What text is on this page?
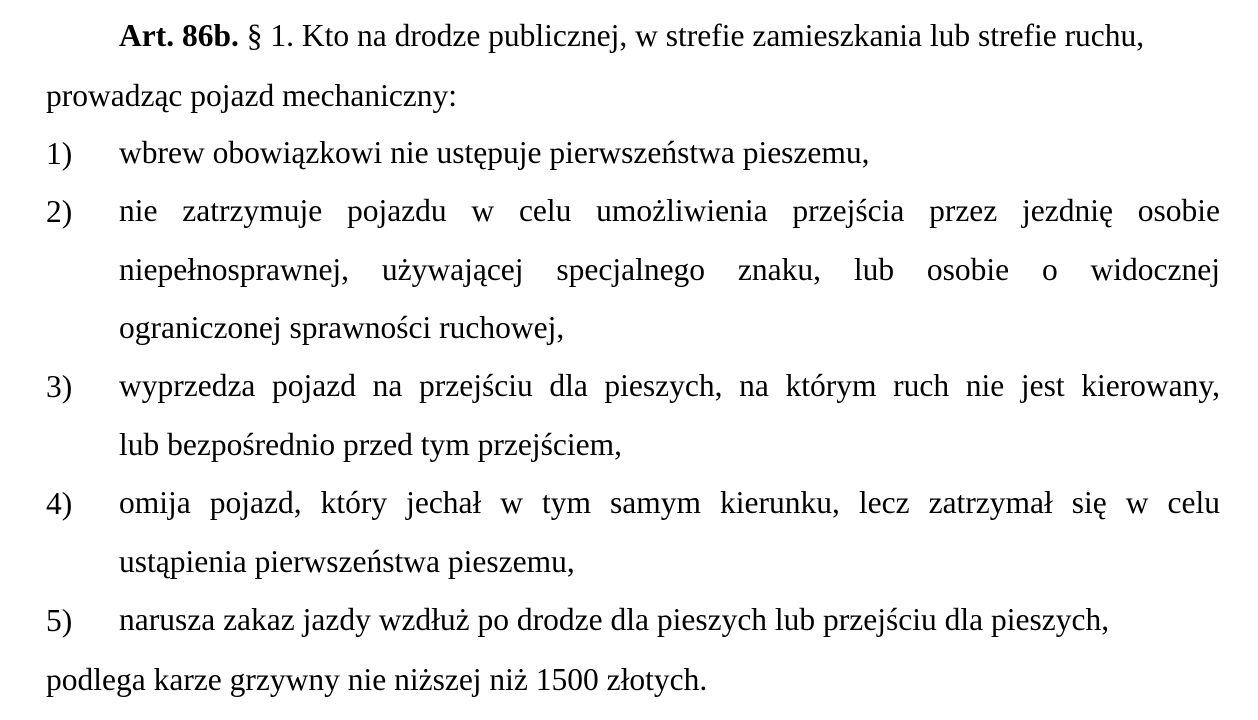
Art. 86b. § 1. Kto na drodze publicznej, w strefie zamieszkania lub strefie ruchu,
prowadząc pojazd mechaniczny:
1) wbrew obowiązkowi nie ustępuje pierwszeństwa pieszemu,
2) nie zatrzymuje pojazdu w celu umożliwienia przejścia przez jezdnię osobie
niepełnosprawnej, używającej specjalnego znaku, lub osobie o widocznej
ograniczonej sprawności ruchowej,
3) wyprzedza pojazd na przejściu dla pieszych, na którym ruch nie jest kierowany,
lub bezpośrednio przed tym przejściem,
4) omija pojazd, który jechał w tym samym kierunku, lecz zatrzymał się w celu
ustąpienia pierwszeństwa pieszemu,
5) narusza zakaz jazdy wzdłuż po drodze dla pieszych lub przejściu dla pieszych,
podlega karze grzywny nie niższej niż 1500 złotych.
